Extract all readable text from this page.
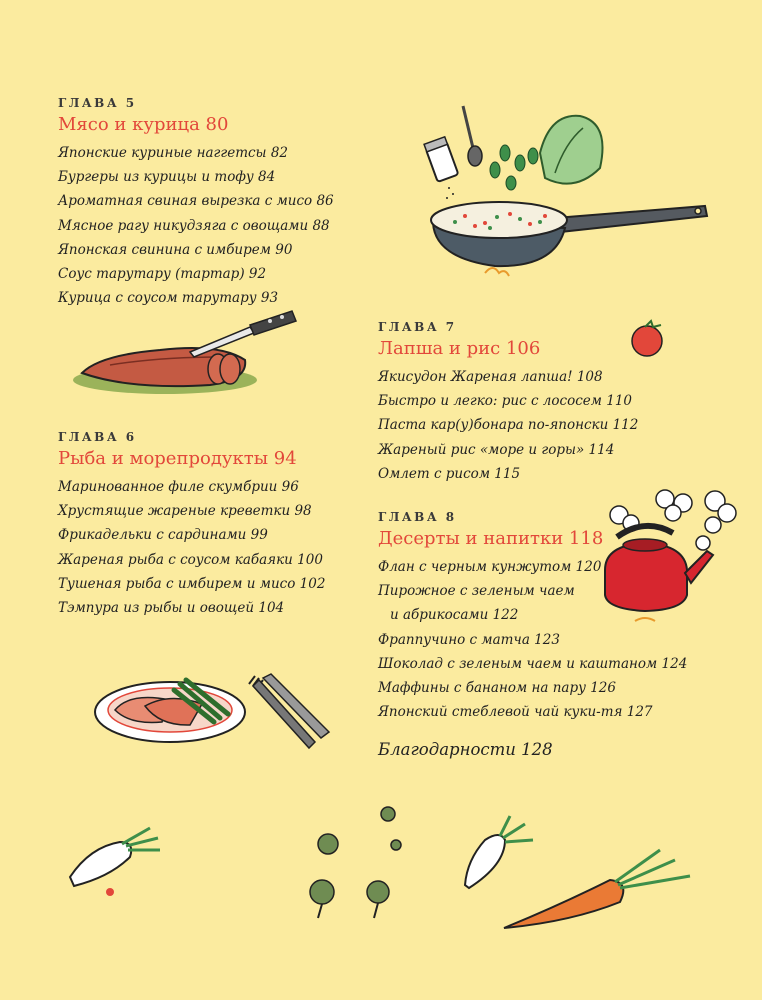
ГЛАВА 5
Мясо и курица 80
Японские куриные наггетсы 82
Бургеры из курицы и тофу 84
Ароматная свиная вырезка с мисо 86
Мясное рагу никудзяга с овощами 88
Японская свинина с имбирем 90
Соус тарутару (тартар) 92
Курица с соусом тарутару 93
ГЛАВА 6
Рыба и морепродукты 94
Маринованное филе скумбрии 96
Хрустящие жареные креветки 98
Фрикадельки с сардинами 99
Жареная рыба с соусом кабаяки 100
Тушеная рыба с имбирем и мисо 102
Тэмпура из рыбы и овощей 104
ГЛАВА 7
Лапша и рис 106
Якисудон Жареная лапша! 108
Быстро и легко: рис с лососем 110
Паста кар(у)бонара по-японски 112
Жареный рис «море и горы» 114
Омлет с рисом 115
ГЛАВА 8
Десерты и напитки 118
Флан с черным кунжутом 120
Пирожное с зеленым чаем
и абрикосами 122
Фраппучино с матча 123
Шоколад с зеленым чаем и каштаном 124
Маффины с бананом на пару 126
Японский стеблевой чай куки-тя 127
Благодарности 128
